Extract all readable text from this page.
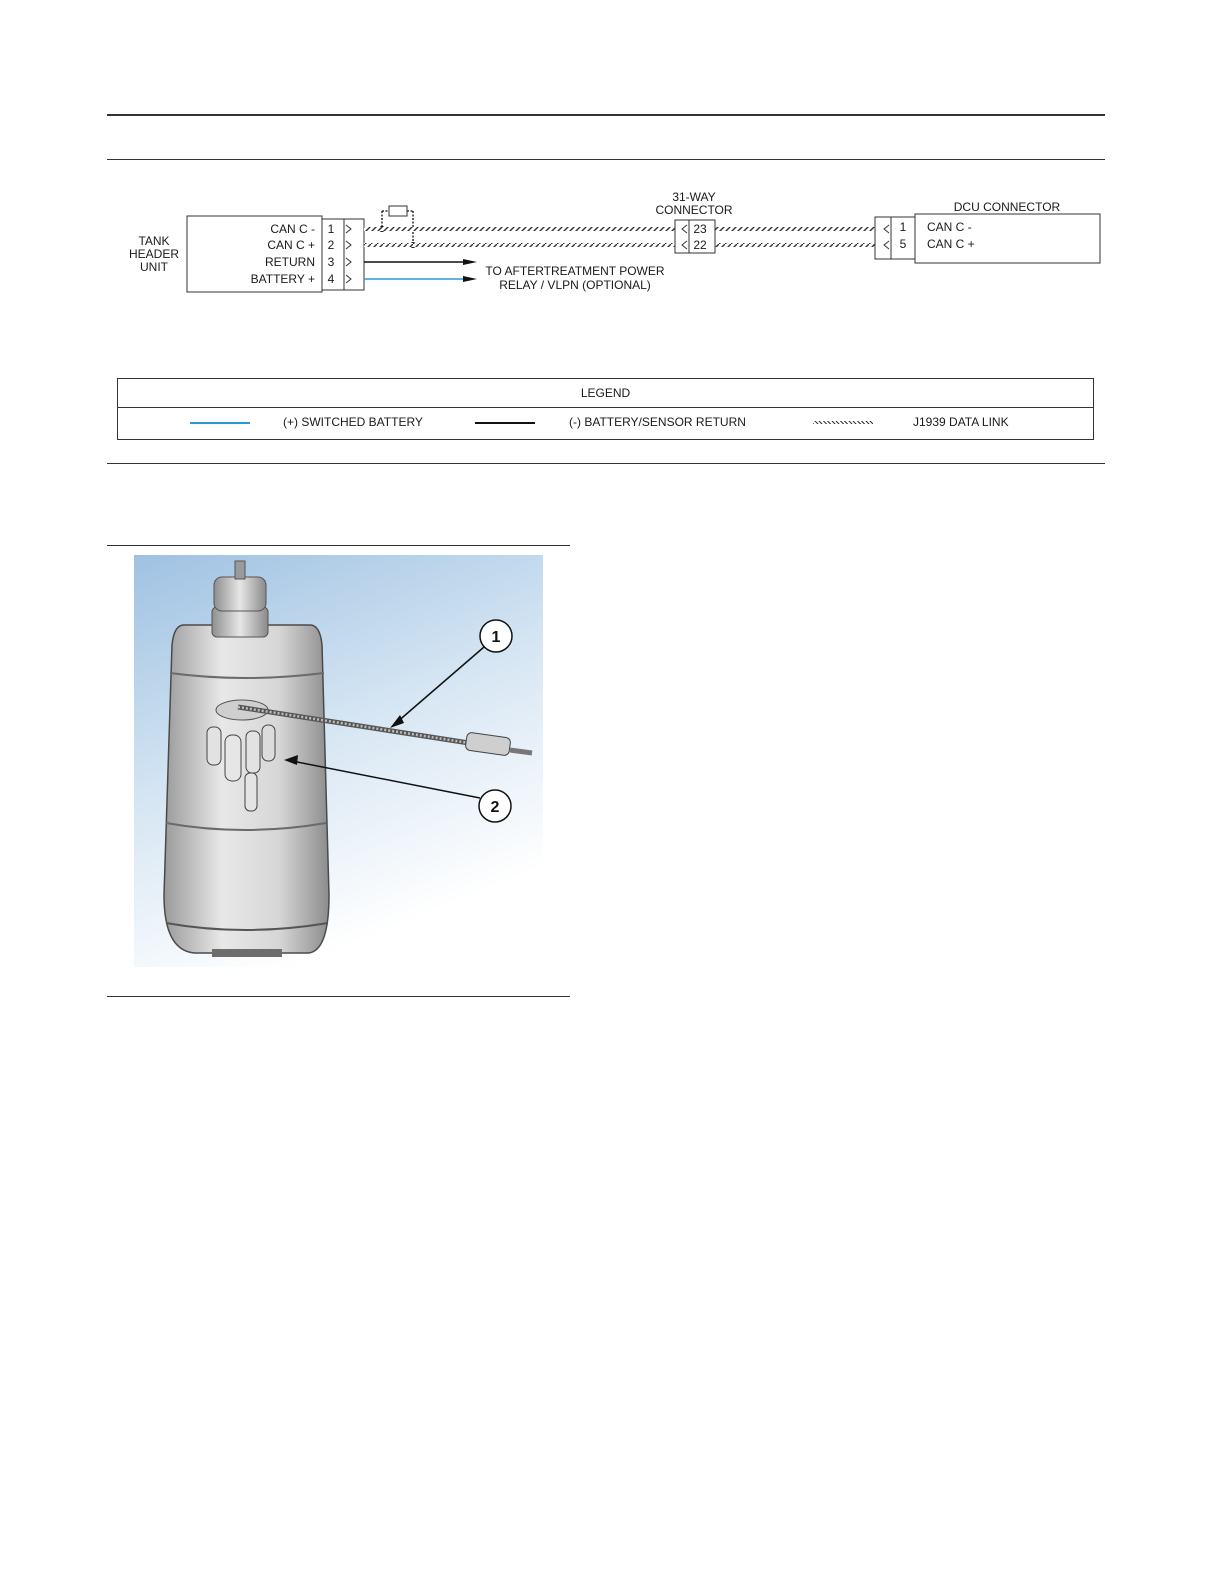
TANK
HEADER
UNIT
CAN C -
CAN C +
RETURN
BATTERY +
1
2
3
4
31-WAY
CONNECTOR
23
22
1
5
DCU CONNECTOR
CAN C -
CAN C +
TO AFTERTREATMENT POWER
RELAY / VLPN (OPTIONAL)
LEGEND
(+) SWITCHED BATTERY	(-) BATTERY/SENSOR RETURN	J1939 DATA LINK
1
2
